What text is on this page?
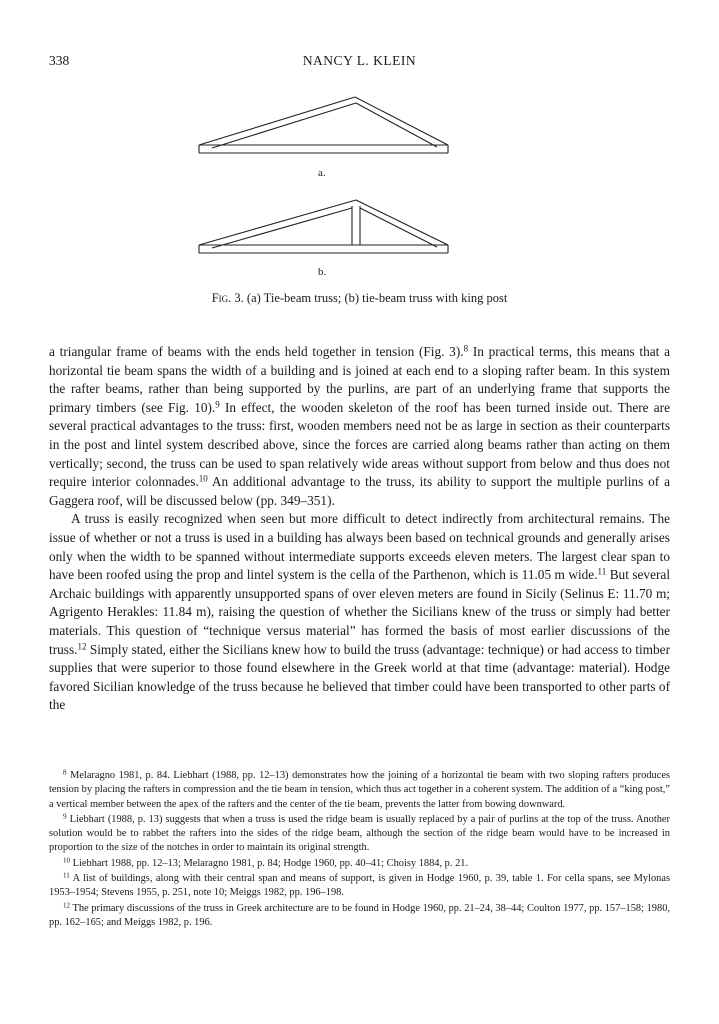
338	NANCY L. KLEIN
a.
b.
Fig. 3. (a) Tie-beam truss; (b) tie-beam truss with king post

a triangular frame of beams with the ends held together in tension (Fig. 3).$^8$ In practical terms, this means that a horizontal tie beam spans the width of a building and is joined at each end to a sloping rafter beam. In this system the rafter beams, rather than being supported by the purlins, are part of an underlying frame that supports the primary timbers (see Fig. 10).$^9$ In effect, the wooden skeleton of the roof has been turned inside out. There are several practical advantages to the truss: first, wooden members need not be as large in section as their counterparts in the post and lintel system described above, since the forces are carried along beams rather than acting on them vertically; second, the truss can be used to span relatively wide areas without support from below and thus does not require interior colonnades.$^{10}$ An additional advantage to the truss, its ability to support the multiple purlins of a Gaggera roof, will be discussed below (pp. 349–351).

A truss is easily recognized when seen but more difficult to detect indirectly from architectural remains. The issue of whether or not a truss is used in a building has always been based on technical grounds and generally arises only when the width to be spanned without intermediate supports exceeds eleven meters. The largest clear span to have been roofed using the prop and lintel system is the cella of the Parthenon, which is 11.05 m wide.$^{11}$ But several Archaic buildings with apparently unsupported spans of over eleven meters are found in Sicily (Selinus E: 11.70 m; Agrigento Herakles: 11.84 m), raising the question of whether the Sicilians knew of the truss or simply had better materials. This question of “technique versus material” has formed the basis of most earlier discussions of the truss.$^{12}$ Simply stated, either the Sicilians knew how to build the truss (advantage: technique) or had access to timber supplies that were superior to those found elsewhere in the Greek world at that time (advantage: material). Hodge favored Sicilian knowledge of the truss because he believed that timber could have been transported to other parts of the

$^8$ Melaragno 1981, p. 84. Liebhart (1988, pp. 12–13) demonstrates how the joining of a horizontal tie beam with two sloping rafters produces tension by placing the rafters in compression and the tie beam in tension, which thus act together in a coherent system. The addition of a “king post,” a vertical member between the apex of the rafters and the center of the tie beam, prevents the latter from bowing downward.

$^9$ Liebhart (1988, p. 13) suggests that when a truss is used the ridge beam is usually replaced by a pair of purlins at the top of the truss. Another solution would be to rabbet the rafters into the sides of the ridge beam, although the section of the ridge beam would have to be increased in proportion to the size of the notches in order to maintain its original strength.

$^{10}$ Liebhart 1988, pp. 12–13; Melaragno 1981, p. 84; Hodge 1960, pp. 40–41; Choisy 1884, p. 21.

$^{11}$ A list of buildings, along with their central span and means of support, is given in Hodge 1960, p. 39, table 1. For cella spans, see Mylonas 1953–1954; Stevens 1955, p. 251, note 10; Meiggs 1982, pp. 196–198.

$^{12}$ The primary discussions of the truss in Greek architecture are to be found in Hodge 1960, pp. 21–24, 38–44; Coulton 1977, pp. 157–158; 1980, pp. 162–165; and Meiggs 1982, p. 196.
